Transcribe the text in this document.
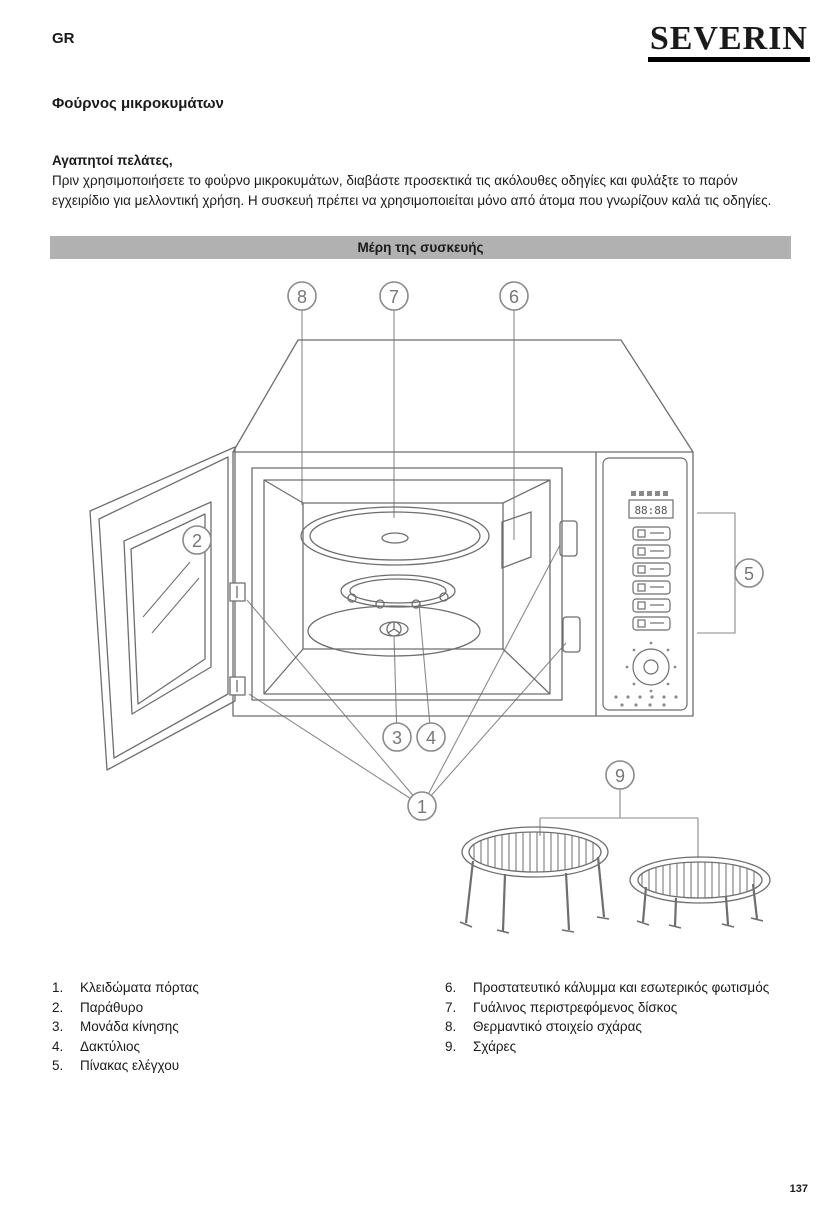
GR	SEVERIN
Φούρνος μικροκυμάτων

Αγαπητοί πελάτες,

Πριν χρησιμοποιήσετε το φούρνο μικροκυμάτων, διαβάστε προσεκτικά τις ακόλουθες οδηγίες και φυλάξτε το παρόν εγχειρίδιο για μελλοντική χρήση. Η συσκευή πρέπει να χρησιμοποιείται μόνο από άτομα που γνωρίζουν καλά τις οδηγίες.

Μέρη της συσκευής
88:88
8	7	6
2
5
3 4
1
9
1.	Κλειδώματα πόρτας
2.	Παράθυρο
3.	Μονάδα κίνησης
4.	Δακτύλιος
5.	Πίνακας ελέγχου
6.	Προστατευτικό κάλυμμα και εσωτερικός φωτισμός
7.	Γυάλινος περιστρεφόμενος δίσκος
8.	Θερμαντικό στοιχείο σχάρας
9.	Σχάρες
137
